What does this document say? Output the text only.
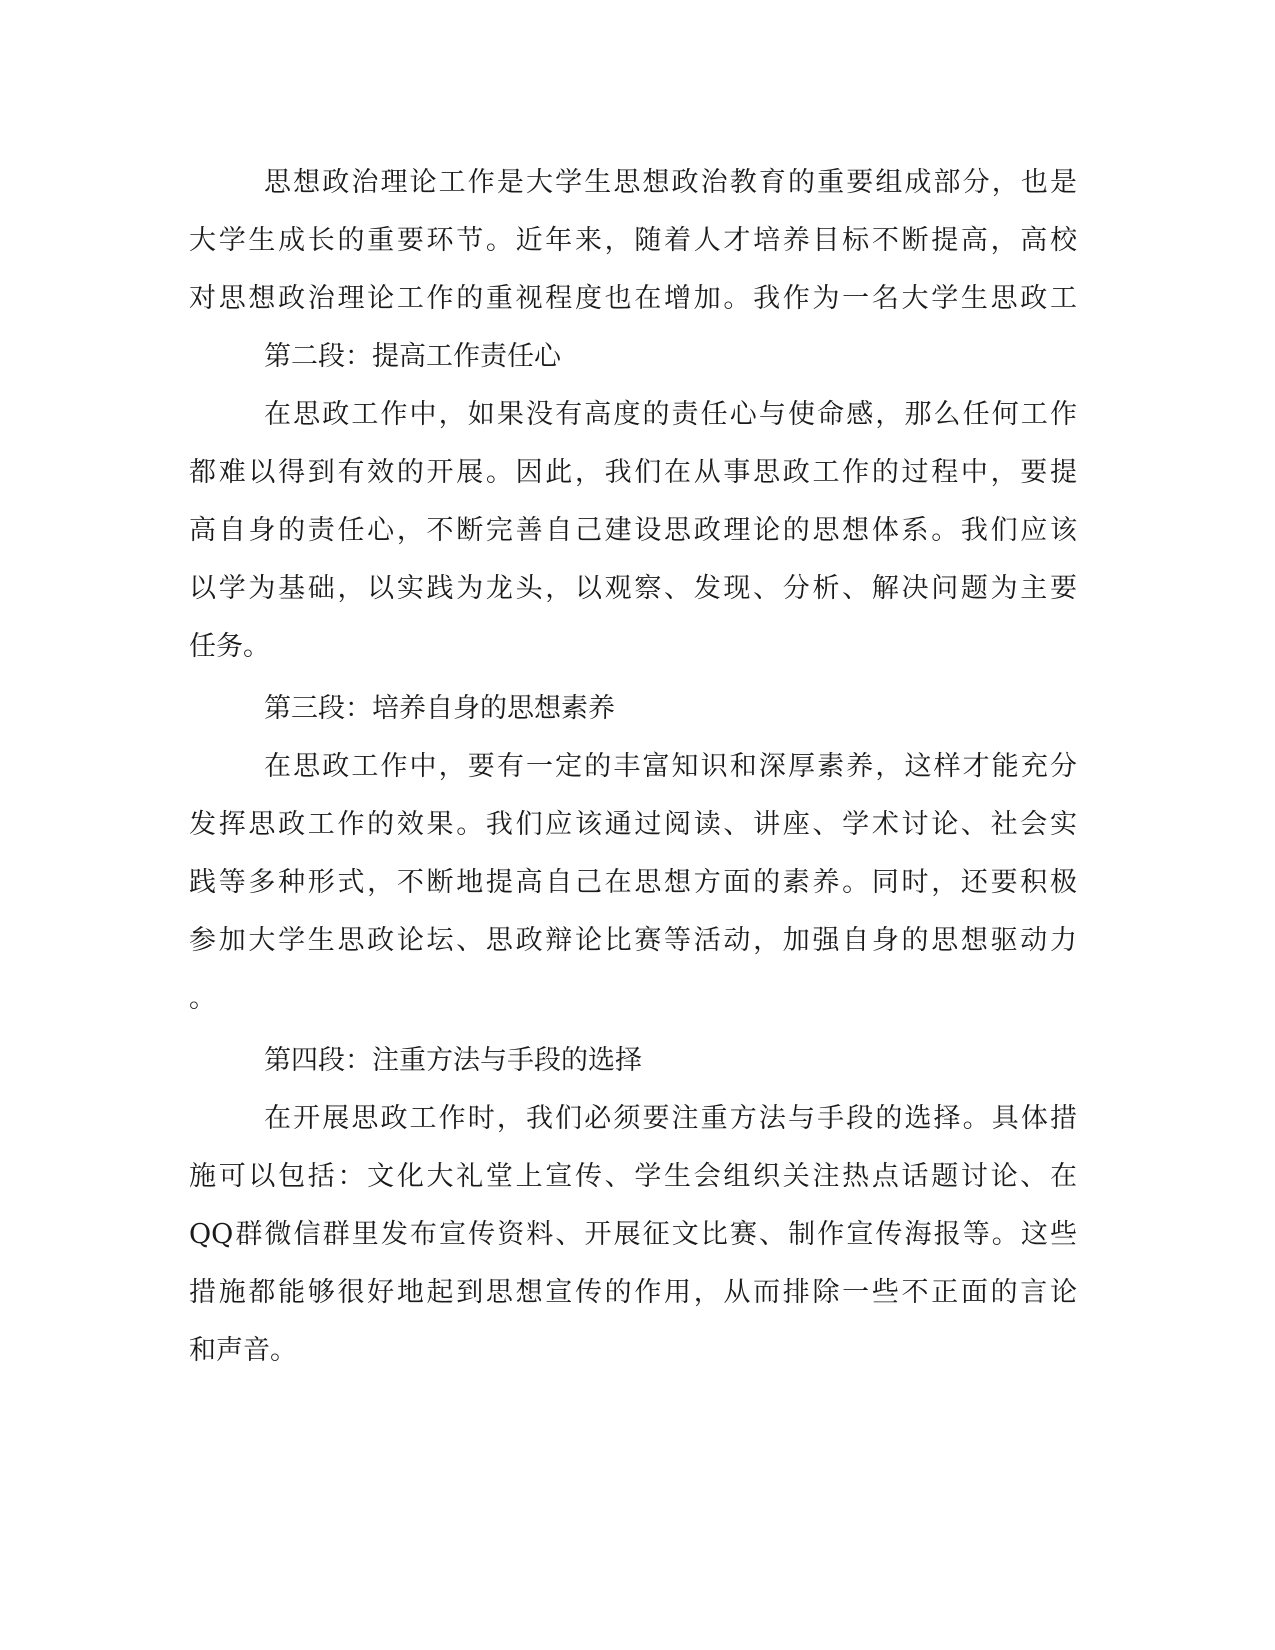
思想政治理论工作是大学生思想政治教育的重要组成部分，也是

大学生成长的重要环节。近年来，随着人才培养目标不断提高，高校

对思想政治理论工作的重视程度也在增加。我作为一名大学生思政工

第二段：提高工作责任心

在思政工作中，如果没有高度的责任心与使命感，那么任何工作

都难以得到有效的开展。因此，我们在从事思政工作的过程中，要提

高自身的责任心，不断完善自己建设思政理论的思想体系。我们应该

以学为基础，以实践为龙头，以观察、发现、分析、解决问题为主要

任务。

第三段：培养自身的思想素养

在思政工作中，要有一定的丰富知识和深厚素养，这样才能充分

发挥思政工作的效果。我们应该通过阅读、讲座、学术讨论、社会实

践等多种形式，不断地提高自己在思想方面的素养。同时，还要积极

参加大学生思政论坛、思政辩论比赛等活动，加强自身的思想驱动力

。

第四段：注重方法与手段的选择

在开展思政工作时，我们必须要注重方法与手段的选择。具体措

施可以包括：文化大礼堂上宣传、学生会组织关注热点话题讨论、在

QQ群微信群里发布宣传资料、开展征文比赛、制作宣传海报等。这些

措施都能够很好地起到思想宣传的作用，从而排除一些不正面的言论

和声音。
